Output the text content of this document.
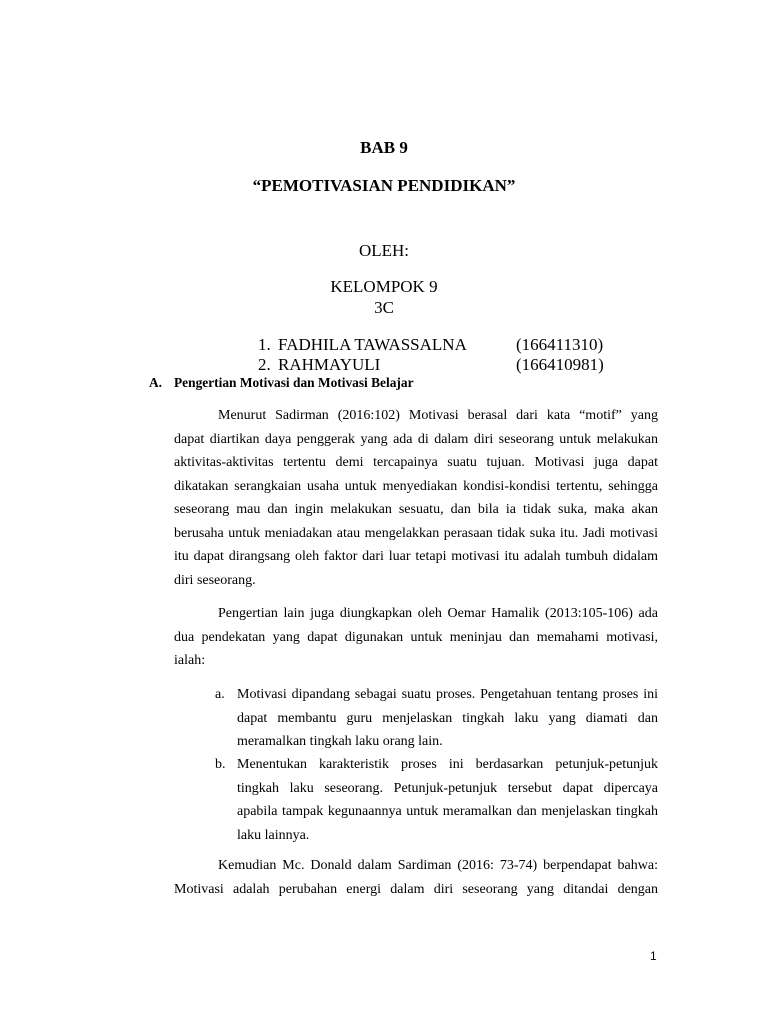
BAB 9
“PEMOTIVASIAN PENDIDIKAN”
OLEH:
KELOMPOK 9
3C
1. FADHILA TAWASSALNA	(166411310)
2. RAHMAYULI	(166410981)
A. Pengertian Motivasi dan Motivasi Belajar
Menurut Sadirman (2016:102) Motivasi berasal dari kata “motif” yang
dapat diartikan daya penggerak yang ada di dalam diri seseorang untuk melakukan
aktivitas-aktivitas tertentu demi tercapainya suatu tujuan. Motivasi juga dapat
dikatakan serangkaian usaha untuk menyediakan kondisi-kondisi tertentu, sehingga
seseorang mau dan ingin melakukan sesuatu, dan bila ia tidak suka, maka akan
berusaha untuk meniadakan atau mengelakkan perasaan tidak suka itu. Jadi motivasi
itu dapat dirangsang oleh faktor dari luar tetapi motivasi itu adalah tumbuh didalam
diri seseorang.
Pengertian lain juga diungkapkan oleh Oemar Hamalik (2013:105-106) ada
dua pendekatan yang dapat digunakan untuk meninjau dan memahami motivasi,
ialah:
a. Motivasi dipandang sebagai suatu proses. Pengetahuan tentang proses ini
dapat membantu guru menjelaskan tingkah laku yang diamati dan
meramalkan tingkah laku orang lain.
b. Menentukan karakteristik proses ini berdasarkan petunjuk-petunjuk
tingkah laku seseorang. Petunjuk-petunjuk tersebut dapat dipercaya
apabila tampak kegunaannya untuk meramalkan dan menjelaskan tingkah
laku lainnya.
Kemudian Mc. Donald dalam Sardiman (2016: 73-74) berpendapat bahwa:
Motivasi adalah perubahan energi dalam diri seseorang yang ditandai dengan
1
